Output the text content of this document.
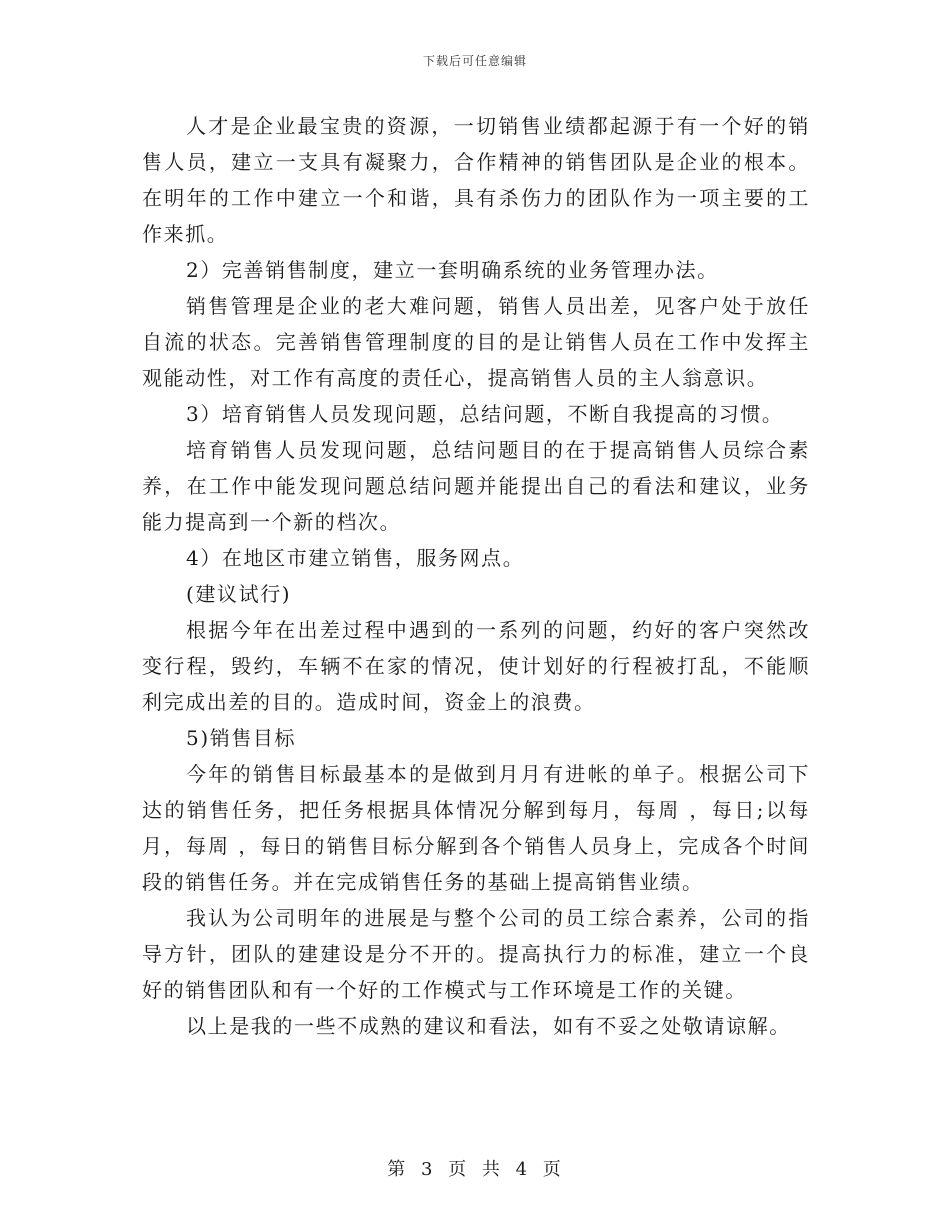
下载后可任意编辑

人才是企业最宝贵的资源，一切销售业绩都起源于有一个好的销售人员，建立一支具有凝聚力，合作精神的销售团队是企业的根本。在明年的工作中建立一个和谐，具有杀伤力的团队作为一项主要的工作来抓。

2）完善销售制度，建立一套明确系统的业务管理办法。

销售管理是企业的老大难问题，销售人员出差，见客户处于放任自流的状态。完善销售管理制度的目的是让销售人员在工作中发挥主观能动性，对工作有高度的责任心，提高销售人员的主人翁意识。

3）培育销售人员发现问题，总结问题，不断自我提高的习惯。

培育销售人员发现问题，总结问题目的在于提高销售人员综合素养，在工作中能发现问题总结问题并能提出自己的看法和建议，业务能力提高到一个新的档次。

4）在地区市建立销售，服务网点。

(建议试行)

根据今年在出差过程中遇到的一系列的问题，约好的客户突然改变行程，毁约，车辆不在家的情况，使计划好的行程被打乱，不能顺利完成出差的目的。造成时间，资金上的浪费。

5)销售目标

今年的销售目标最基本的是做到月月有进帐的单子。根据公司下达的销售任务，把任务根据具体情况分解到每月，每周 ，每日;以每月，每周 ，每日的销售目标分解到各个销售人员身上，完成各个时间段的销售任务。并在完成销售任务的基础上提高销售业绩。

我认为公司明年的进展是与整个公司的员工综合素养，公司的指导方针，团队的建建设是分不开的。提高执行力的标准，建立一个良好的销售团队和有一个好的工作模式与工作环境是工作的关键。

以上是我的一些不成熟的建议和看法，如有不妥之处敬请谅解。

第 3 页 共 4 页
